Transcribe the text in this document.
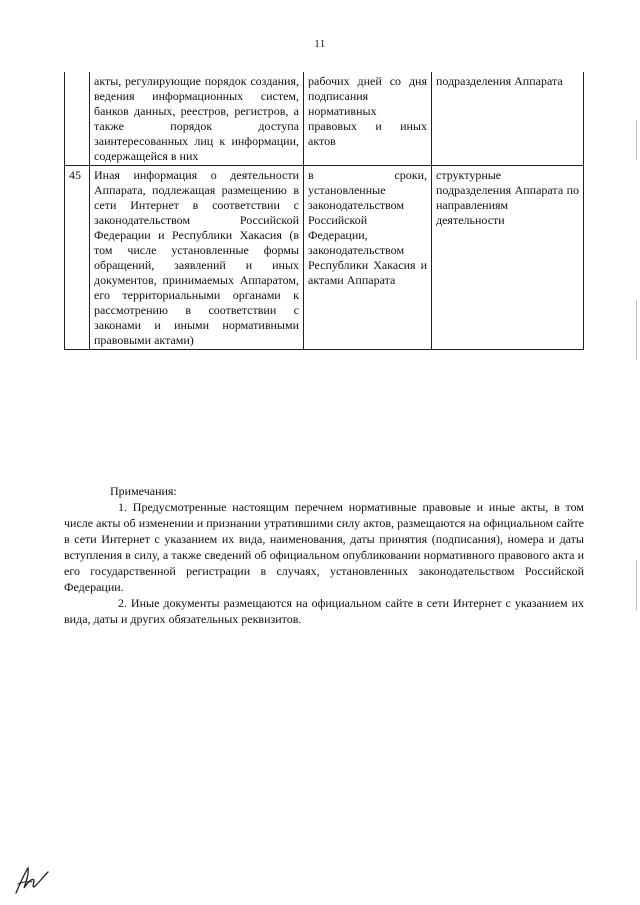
11
	акты, регулирующие порядок создания, ведения информационных систем, банков данных, реестров, регистров, а также порядок доступа заинтересованных лиц к информации, содержащейся в них	рабочих дней со дня подписания нормативных правовых и иных актов	подразделения Аппарата
45	Иная информация о деятельности Аппарата, подлежащая размещению в сети Интернет в соответствии с законодательством Российской Федерации и Республики Хакасия (в том числе установленные формы обращений, заявлений и иных документов, принимаемых Аппаратом, его территориальными органами к рассмотрению в соответствии с законами и иными нормативными правовыми актами)	в сроки, установленные законодательством Российской Федерации, законодательством Республики Хакасия и актами Аппарата	структурные подразделения Аппарата по направлениям деятельности

Примечания:

1. Предусмотренные настоящим перечнем нормативные правовые и иные акты, в том числе акты об изменении и признании утратившими силу актов, размещаются на официальном сайте в сети Интернет с указанием их вида, наименования, даты принятия (подписания), номера и даты вступления в силу, а также сведений об официальном опубликовании нормативного правового акта и его государственной регистрации в случаях, установленных законодательством Российской Федерации.

2. Иные документы размещаются на официальном сайте в сети Интернет с указанием их вида, даты и других обязательных реквизитов.
